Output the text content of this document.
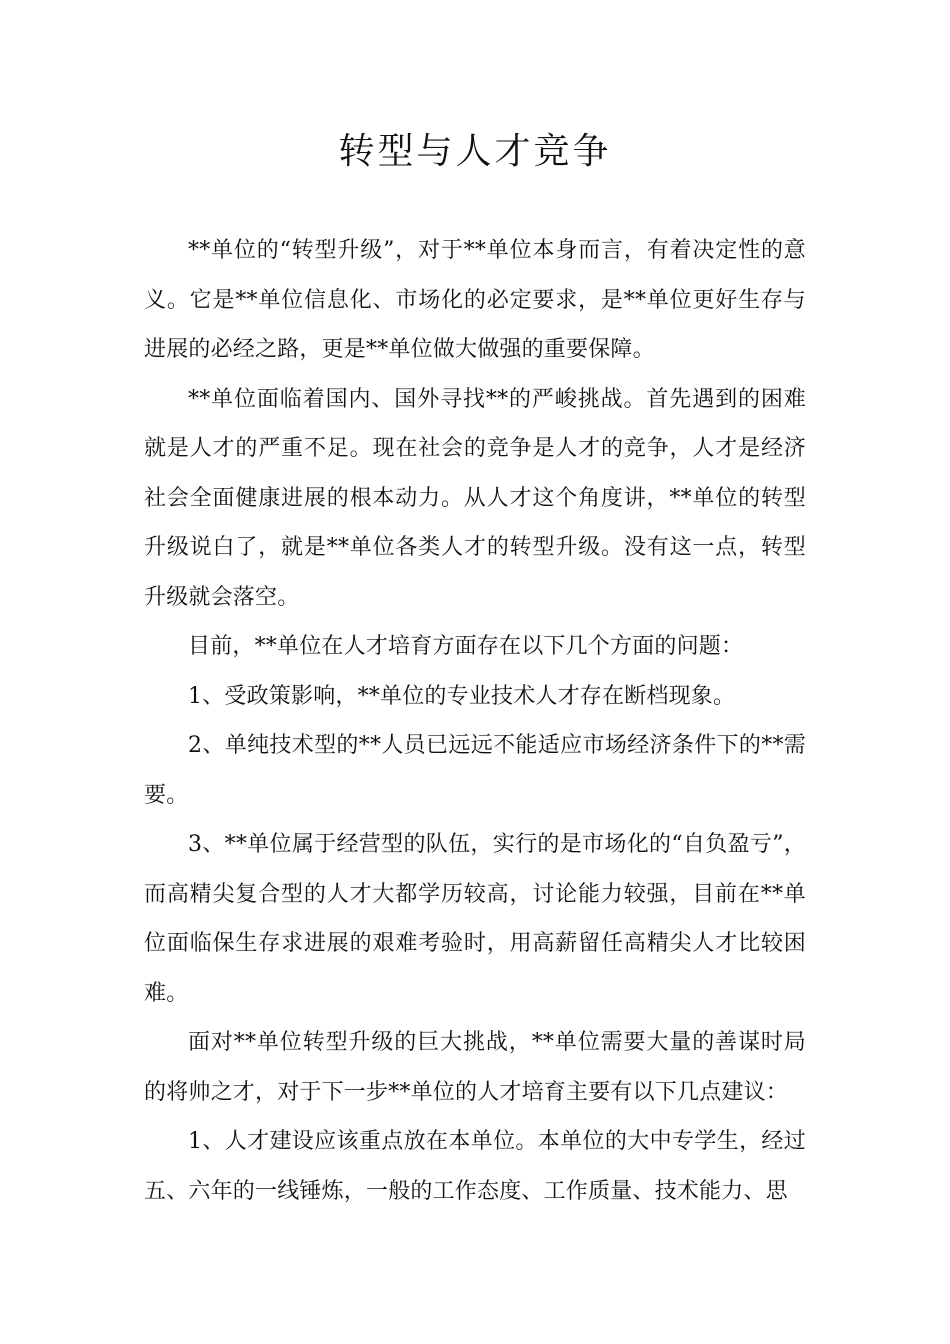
转型与人才竞争

**单位的“转型升级”，对于**单位本身而言，有着决定性的意义。它是**单位信息化、市场化的必定要求，是**单位更好生存与进展的必经之路，更是**单位做大做强的重要保障。

**单位面临着国内、国外寻找**的严峻挑战。首先遇到的困难就是人才的严重不足。现在社会的竞争是人才的竞争，人才是经济社会全面健康进展的根本动力。从人才这个角度讲，**单位的转型升级说白了，就是**单位各类人才的转型升级。没有这一点，转型升级就会落空。

目前，**单位在人才培育方面存在以下几个方面的问题：

1、受政策影响，**单位的专业技术人才存在断档现象。

2、单纯技术型的**人员已远远不能适应市场经济条件下的**需要。

3、**单位属于经营型的队伍，实行的是市场化的“自负盈亏”，而高精尖复合型的人才大都学历较高，讨论能力较强，目前在**单位面临保生存求进展的艰难考验时，用高薪留任高精尖人才比较困难。

面对**单位转型升级的巨大挑战，**单位需要大量的善谋时局的将帅之才，对于下一步**单位的人才培育主要有以下几点建议：

1、人才建设应该重点放在本单位。本单位的大中专学生，经过五、六年的一线锤炼，一般的工作态度、工作质量、技术能力、思
